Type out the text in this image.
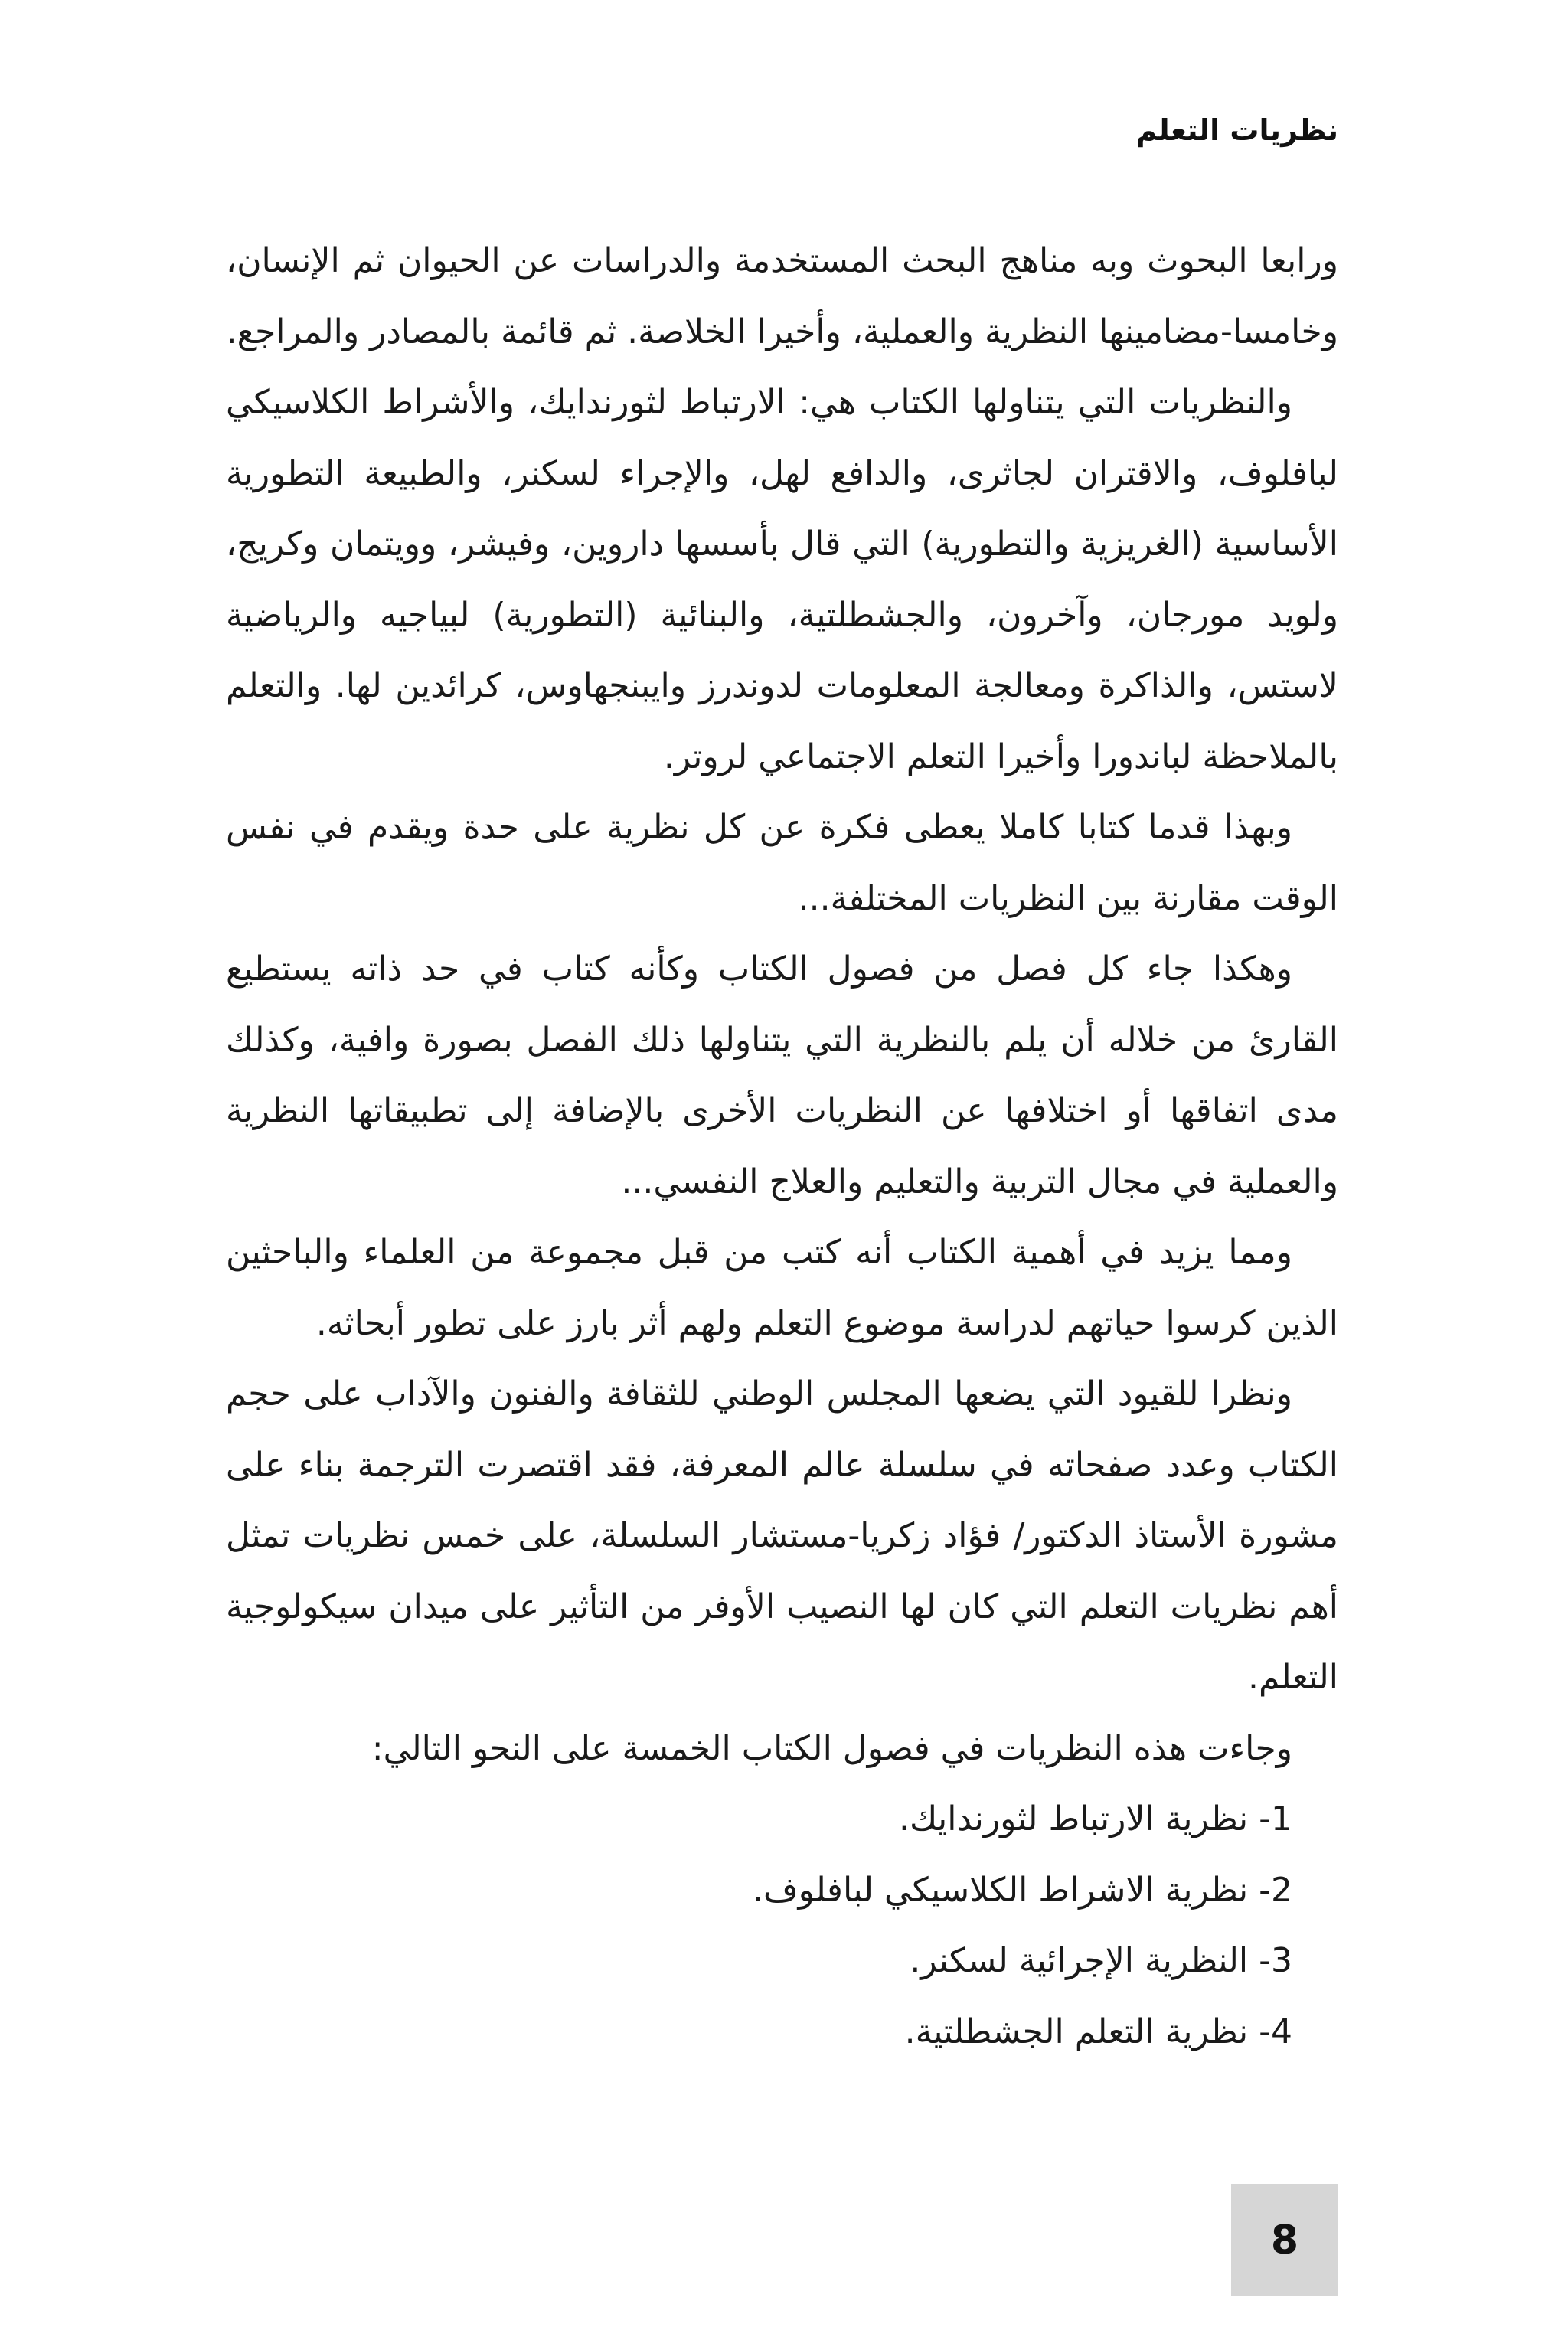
نظريات التعلم

ورابعا البحوث وبه مناهج البحث المستخدمة والدراسات عن الحيوان ثم الإنسان، وخامسا-مضامينها النظرية والعملية، وأخيرا الخلاصة. ثم قائمة بالمصادر والمراجع.

والنظريات التي يتناولها الكتاب هي: الارتباط لثورندايك، والأشراط الكلاسيكي لبافلوف، والاقتران لجاثرى، والدافع لهل، والإجراء لسكنر، والطبيعة التطورية الأساسية (الغريزية والتطورية) التي قال بأسسها داروين، وفيشر، وويتمان وكريج، ولويد مورجان، وآخرون، والجشطلتية، والبنائية (التطورية) لبياجيه والرياضية لاستس، والذاكرة ومعالجة المعلومات لدوندرز وايبنجهاوس، كرائدين لها. والتعلم بالملاحظة لباندورا وأخيرا التعلم الاجتماعي لروتر.

وبهذا قدما كتابا كاملا يعطى فكرة عن كل نظرية على حدة ويقدم في نفس الوقت مقارنة بين النظريات المختلفة...

وهكذا جاء كل فصل من فصول الكتاب وكأنه كتاب في حد ذاته يستطيع القارئ من خلاله أن يلم بالنظرية التي يتناولها ذلك الفصل بصورة وافية، وكذلك مدى اتفاقها أو اختلافها عن النظريات الأخرى بالإضافة إلى تطبيقاتها النظرية والعملية في مجال التربية والتعليم والعلاج النفسي...

ومما يزيد في أهمية الكتاب أنه كتب من قبل مجموعة من العلماء والباحثين الذين كرسوا حياتهم لدراسة موضوع التعلم ولهم أثر بارز على تطور أبحاثه.

ونظرا للقيود التي يضعها المجلس الوطني للثقافة والفنون والآداب على حجم الكتاب وعدد صفحاته في سلسلة عالم المعرفة، فقد اقتصرت الترجمة بناء على مشورة الأستاذ الدكتور/ فؤاد زكريا-مستشار السلسلة، على خمس نظريات تمثل أهم نظريات التعلم التي كان لها النصيب الأوفر من التأثير على ميدان سيكولوجية التعلم.

وجاءت هذه النظريات في فصول الكتاب الخمسة على النحو التالي:

1- نظرية الارتباط لثورندايك.
2- نظرية الاشراط الكلاسيكي لبافلوف.
3- النظرية الإجرائية لسكنر.
4- نظرية التعلم الجشطلتية.
8
